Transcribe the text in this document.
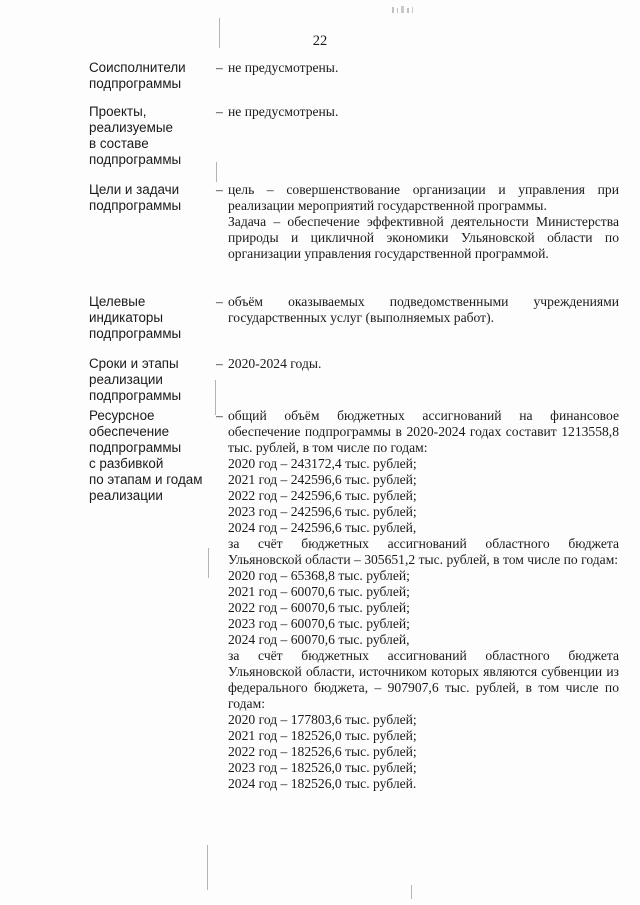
22
Соисполнители
подпрограммы
– не предусмотрены.

Проекты,
реализуемые
в составе
подпрограммы
– не предусмотрены.

Цели и задачи
подпрограммы
– цель – совершенствование организации и управления при реализации мероприятий государственной программы.

Задача – обеспечение эффективной деятельности Министерства природы и цикличной экономики Ульяновской области по организации управления государственной программой.

Целевые
индикаторы
подпрограммы
– объём оказываемых подведомственными учреждениями государственных услуг (выполняемых работ).

Сроки и этапы
реализации
подпрограммы
– 2020-2024 годы.

Ресурсное
обеспечение
подпрограммы
с разбивкой
по этапам и годам
реализации
– общий объём бюджетных ассигнований на финансовое обеспечение подпрограммы в 2020-2024 годах составит 1213558,8 тыс. рублей, в том числе по годам:

2020 год – 243172,4 тыс. рублей;
2021 год – 242596,6 тыс. рублей;
2022 год – 242596,6 тыс. рублей;
2023 год – 242596,6 тыс. рублей;
2024 год – 242596,6 тыс. рублей,

за счёт бюджетных ассигнований областного бюджета Ульяновской области – 305651,2 тыс. рублей, в том числе по годам:

2020 год – 65368,8 тыс. рублей;
2021 год – 60070,6 тыс. рублей;
2022 год – 60070,6 тыс. рублей;
2023 год – 60070,6 тыс. рублей;
2024 год – 60070,6 тыс. рублей,

за счёт бюджетных ассигнований областного бюджета Ульяновской области, источником которых являются субвенции из федерального бюджета, – 907907,6 тыс. рублей, в том числе по годам:

2020 год – 177803,6 тыс. рублей;
2021 год – 182526,0 тыс. рублей;
2022 год – 182526,6 тыс. рублей;
2023 год – 182526,0 тыс. рублей;
2024 год – 182526,0 тыс. рублей.
